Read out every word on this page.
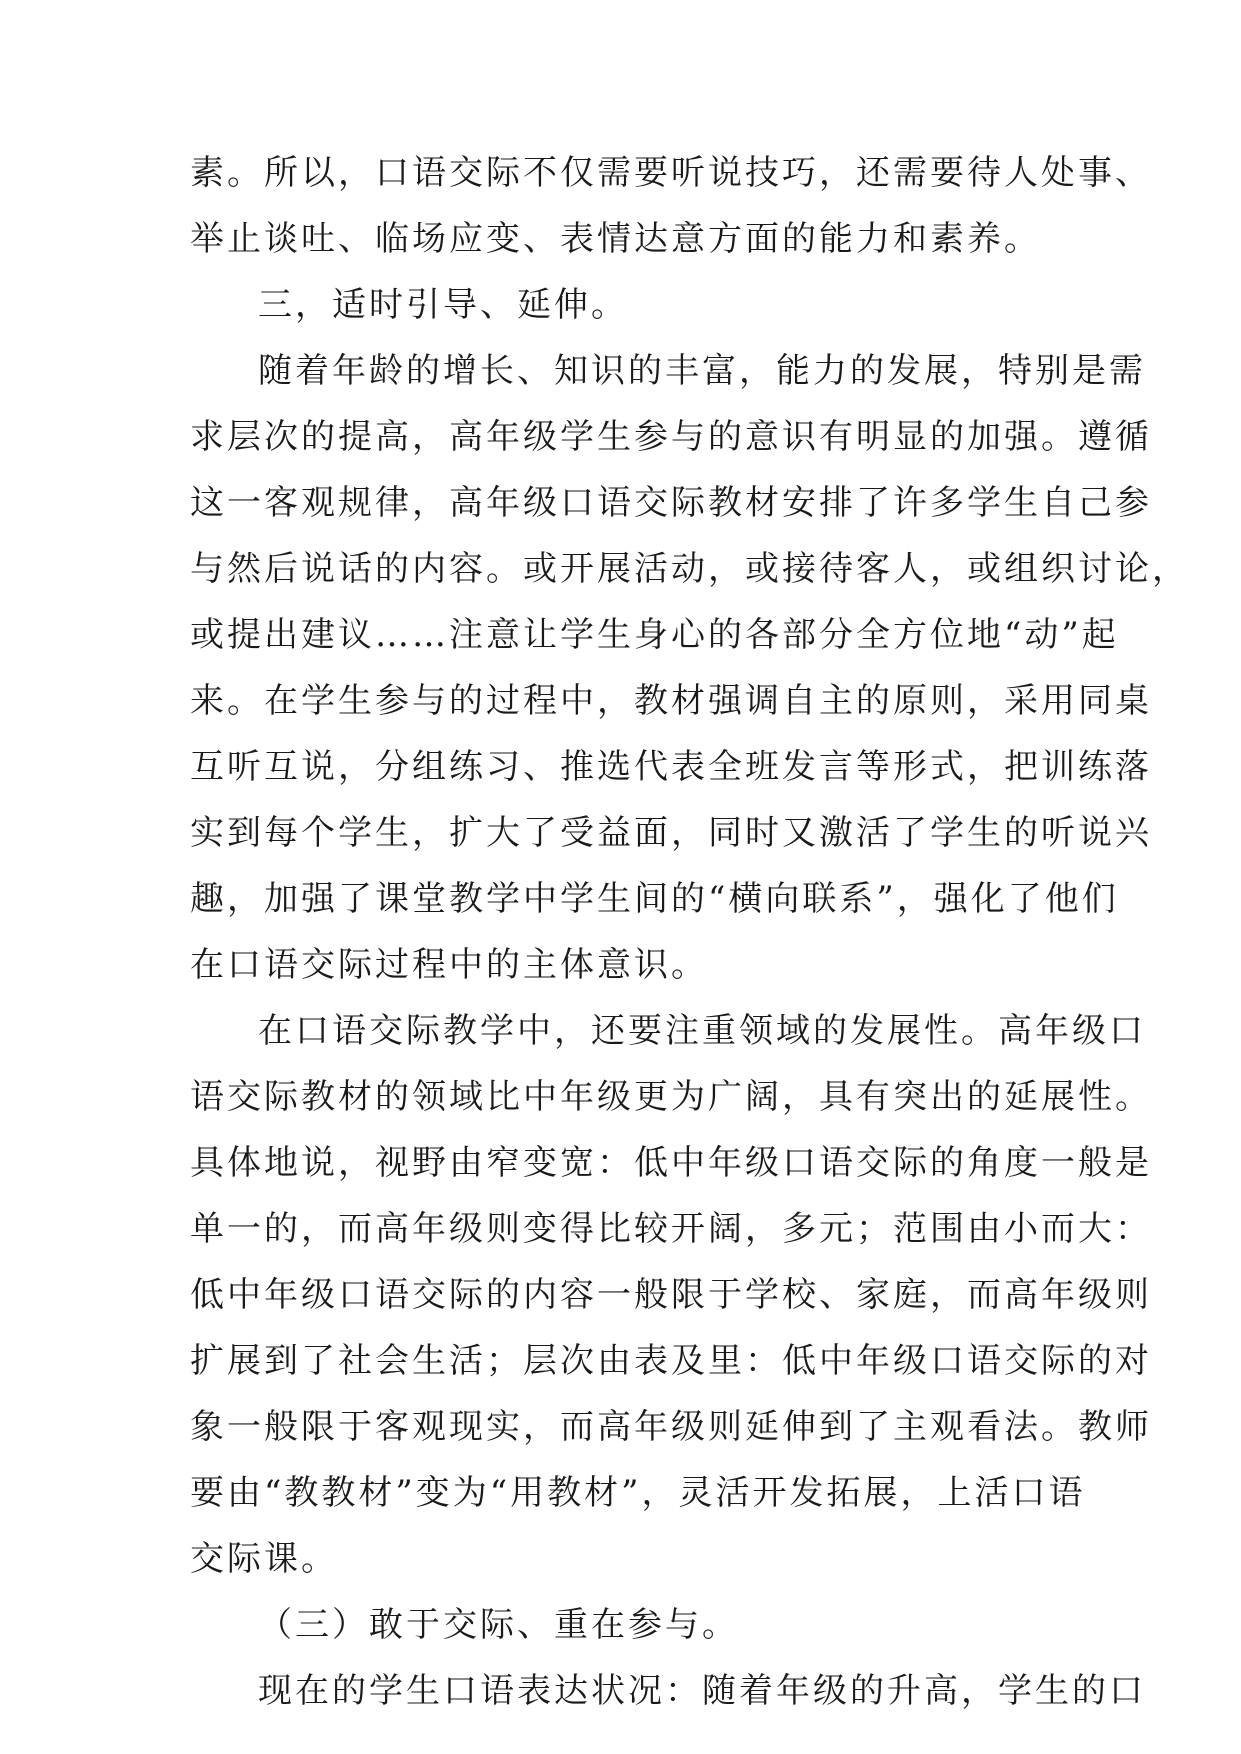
素。所以，口语交际不仅需要听说技巧，还需要待人处事、
举止谈吐、临场应变、表情达意方面的能力和素养。
三，适时引导、延伸。
随着年龄的增长、知识的丰富，能力的发展，特别是需
求层次的提高，高年级学生参与的意识有明显的加强。遵循
这一客观规律，高年级口语交际教材安排了许多学生自己参
与然后说话的内容。或开展活动，或接待客人，或组织讨论，
或提出建议……注意让学生身心的各部分全方位地“动”起
来。在学生参与的过程中，教材强调自主的原则，采用同桌
互听互说，分组练习、推选代表全班发言等形式，把训练落
实到每个学生，扩大了受益面，同时又激活了学生的听说兴
趣，加强了课堂教学中学生间的“横向联系”，强化了他们
在口语交际过程中的主体意识。
在口语交际教学中，还要注重领域的发展性。高年级口
语交际教材的领域比中年级更为广阔，具有突出的延展性。
具体地说，视野由窄变宽：低中年级口语交际的角度一般是
单一的，而高年级则变得比较开阔，多元；范围由小而大：
低中年级口语交际的内容一般限于学校、家庭，而高年级则
扩展到了社会生活；层次由表及里：低中年级口语交际的对
象一般限于客观现实，而高年级则延伸到了主观看法。教师
要由“教教材”变为“用教材”，灵活开发拓展，上活口语
交际课。
（三）敢于交际、重在参与。
现在的学生口语表达状况：随着年级的升高，学生的口
